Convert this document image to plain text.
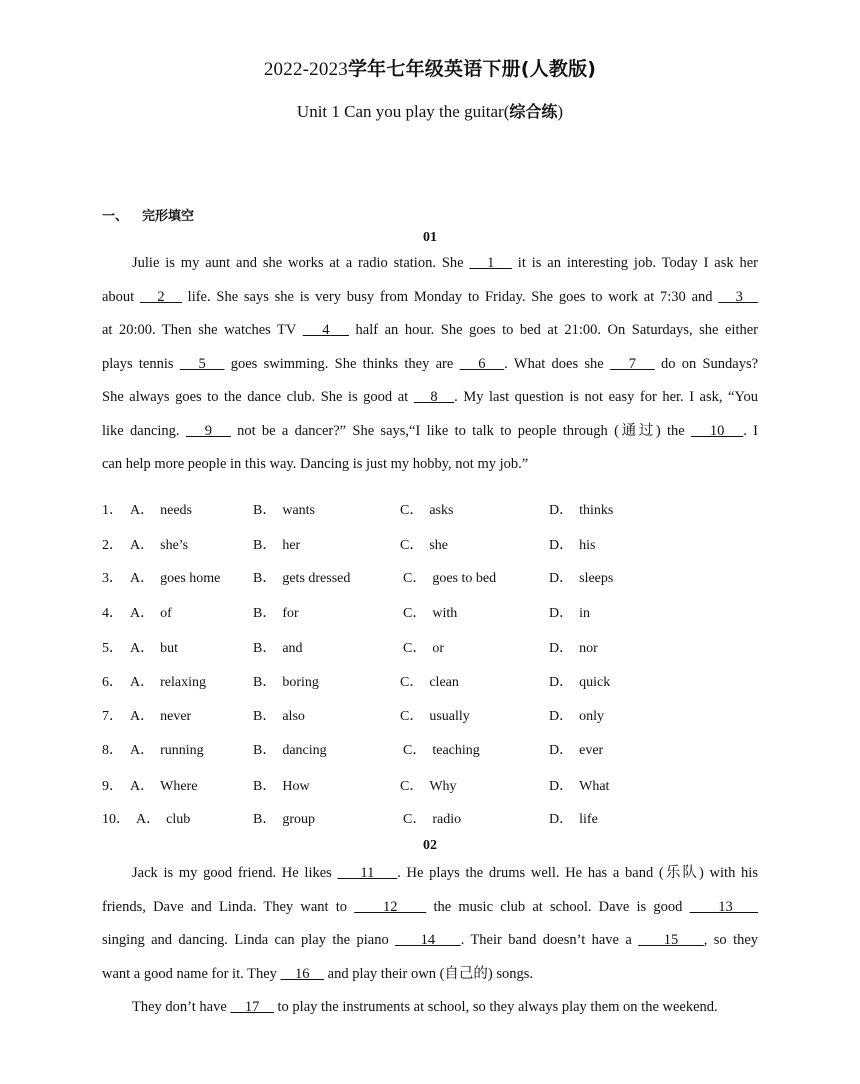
2022-2023学年七年级英语下册(人教版)
Unit 1 Can you play the guitar(综合练)
一、 完形填空
01
Julie is my aunt and she works at a radio station. She    1    it is an interesting job. Today I ask her
about    2    life. She says she is very busy from Monday to Friday. She goes to work at 7:30 and    3
at 20:00. Then she watches TV    4    half an hour. She goes to bed at 21:00. On Saturdays, she either
plays tennis    5    goes swimming. She thinks they are    6   . What does she    7    do on Sundays?
She always goes to the dance club. She is good at    8   . My last question is not easy for her. I ask, “You
like dancing.    9    not be a dancer?” She says,“I like to talk to people through (通过) the    10   . I
can help more people in this way. Dancing is just my hobby, not my job.”
1． A． needs	B． wants	C． asks	D． thinks
2． A． she’s	B． her	C． she	D． his
3． A． goes home B． gets dressed	C． goes to bed	D． sleeps
4． A． of	B． for	C． with	D． in
5． A． but	B． and	C． or	D． nor
6． A． relaxing	B． boring	C． clean	D． quick
7． A． never	B． also	C． usually	D． only
8． A． running	B． dancing	C． teaching	D． ever
9． A． Where	B． How	C． Why	D． What
10． A． club	B． group	C． radio	D． life
02
Jack is my good friend. He likes     11    . He plays the drums well. He has a band (乐队) with his
friends, Dave and Linda. They want to     12     the music club at school. Dave is good     13
singing and dancing. Linda can play the piano     14    . Their band doesn’t have a     15    , so they
want a good name for it. They     16     and play their own (自己的) songs.
They don’t have     17     to play the instruments at school, so they always play them on the weekend.
